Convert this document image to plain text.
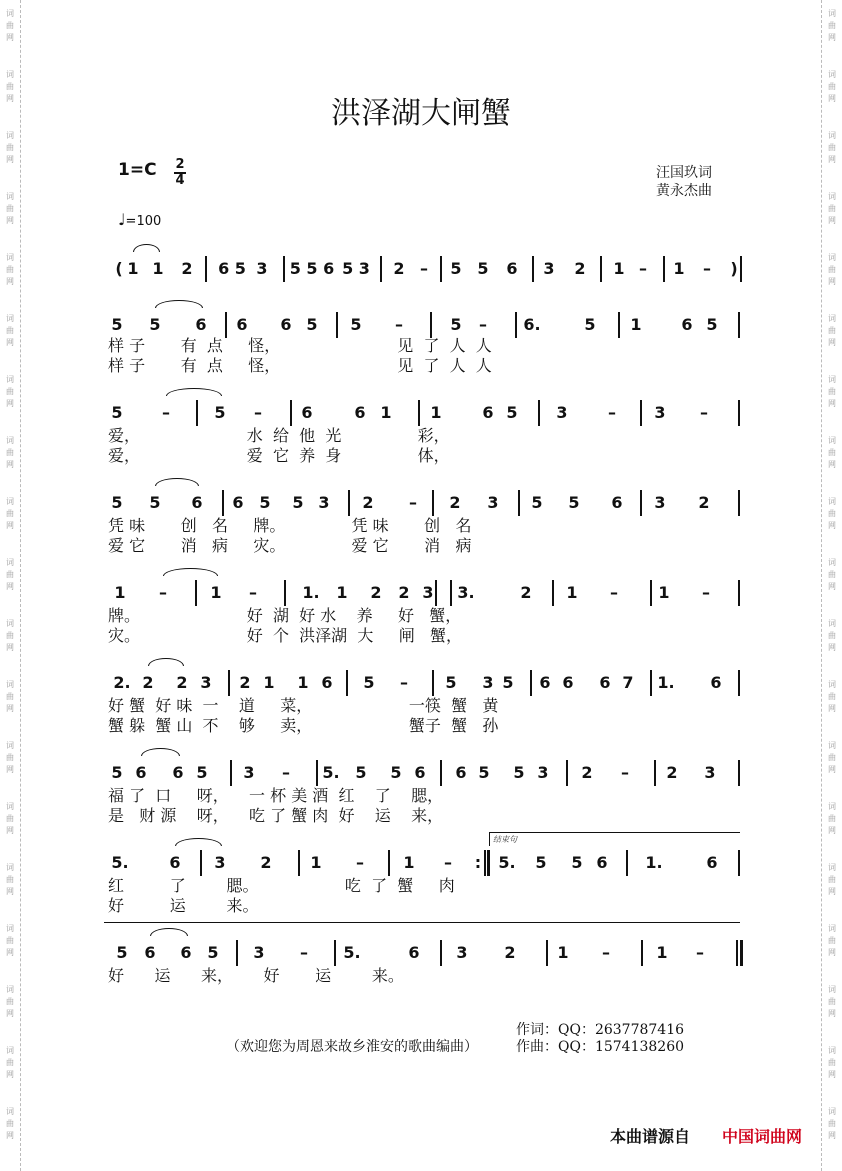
词
曲
网
词
曲
网
词
曲
网
词
曲
网
词
曲
网
词
曲
网
词
曲
网
词
曲
网
词
曲
网
词
曲
网
词
曲
网
词
曲
网
词
曲
网
词
曲
网
词
曲
网
词
曲
网
词
曲
网
词
曲
网
词
曲
网
词
曲
网
词
曲
网
词
曲
网
词
曲
网
词
曲
网
词
曲
网
词
曲
网
词
曲
网
词
曲
网
词
曲
网
词
曲
网
词
曲
网
词
曲
网
词
曲
网
词
曲
网
词
曲
网
词
曲
网
词
曲
网
词
曲
网
洪泽湖大闸蟹
1=C 2
4	汪国玖词
黄永杰曲
♩=100
( 1 1 2 6 5 3 5 5 6 5 3 2 – 5 5 6 3 2 1 – 1 – )
5 5 6 6 6 5 5 –	5 – 6.	5 1 6 5
5 –	5 – 6	6 1 1	6 5 3	– 3 –
5 5 6 6 5 5 3 2 – 2 3 5 5 6 3 2
1 –	1 –	1. 1 2 2 3 3.	2 1 –	1 –
2. 2 2 3 2 1 1 6 5 – 5 3 5 6 6 6 7 1. 6
5 6 6 5 3 – 5. 5 5 6 6 5 5 3 2 – 2 3
5.	6 3 2 1 – 1 – : 5. 5 5 6 1.	6
5 6 6 5 3 – 5.	6 3 2	1 –	1 –
样 子       有  点     怪，                       见  了  人  人
样 子       有  点     怪，                       见  了  人  人
爱，                     水  给  他  光               彩，
爱，                     爱  它  养  身               体，
凭 味       创   名     牌。             凭 味       创   名
爱 它       消   病     灾。             爱 它       消   病
牌。                     好  湖  好 水    养     好   蟹，
灾。                     好  个  洪泽湖  大     闸   蟹，
好 蟹  好 味  一    道     菜，                   一筷  蟹   黄
蟹 躲  蟹 山  不    够     卖，                   蟹子  蟹   孙
福 了  口     呀，    一 杯 美 酒  红    了    腮，
是   财 源    呀，    吃 了 蟹 肉  好    运    来，
红         了        腮。                 吃  了  蟹     肉
好         运        来。
好      运      来，      好       运        来。
结束句
作词：QQ：2637787416
作曲：QQ：1574138260
（欢迎您为周恩来故乡淮安的歌曲编曲）
本曲谱源自 中国词曲网
